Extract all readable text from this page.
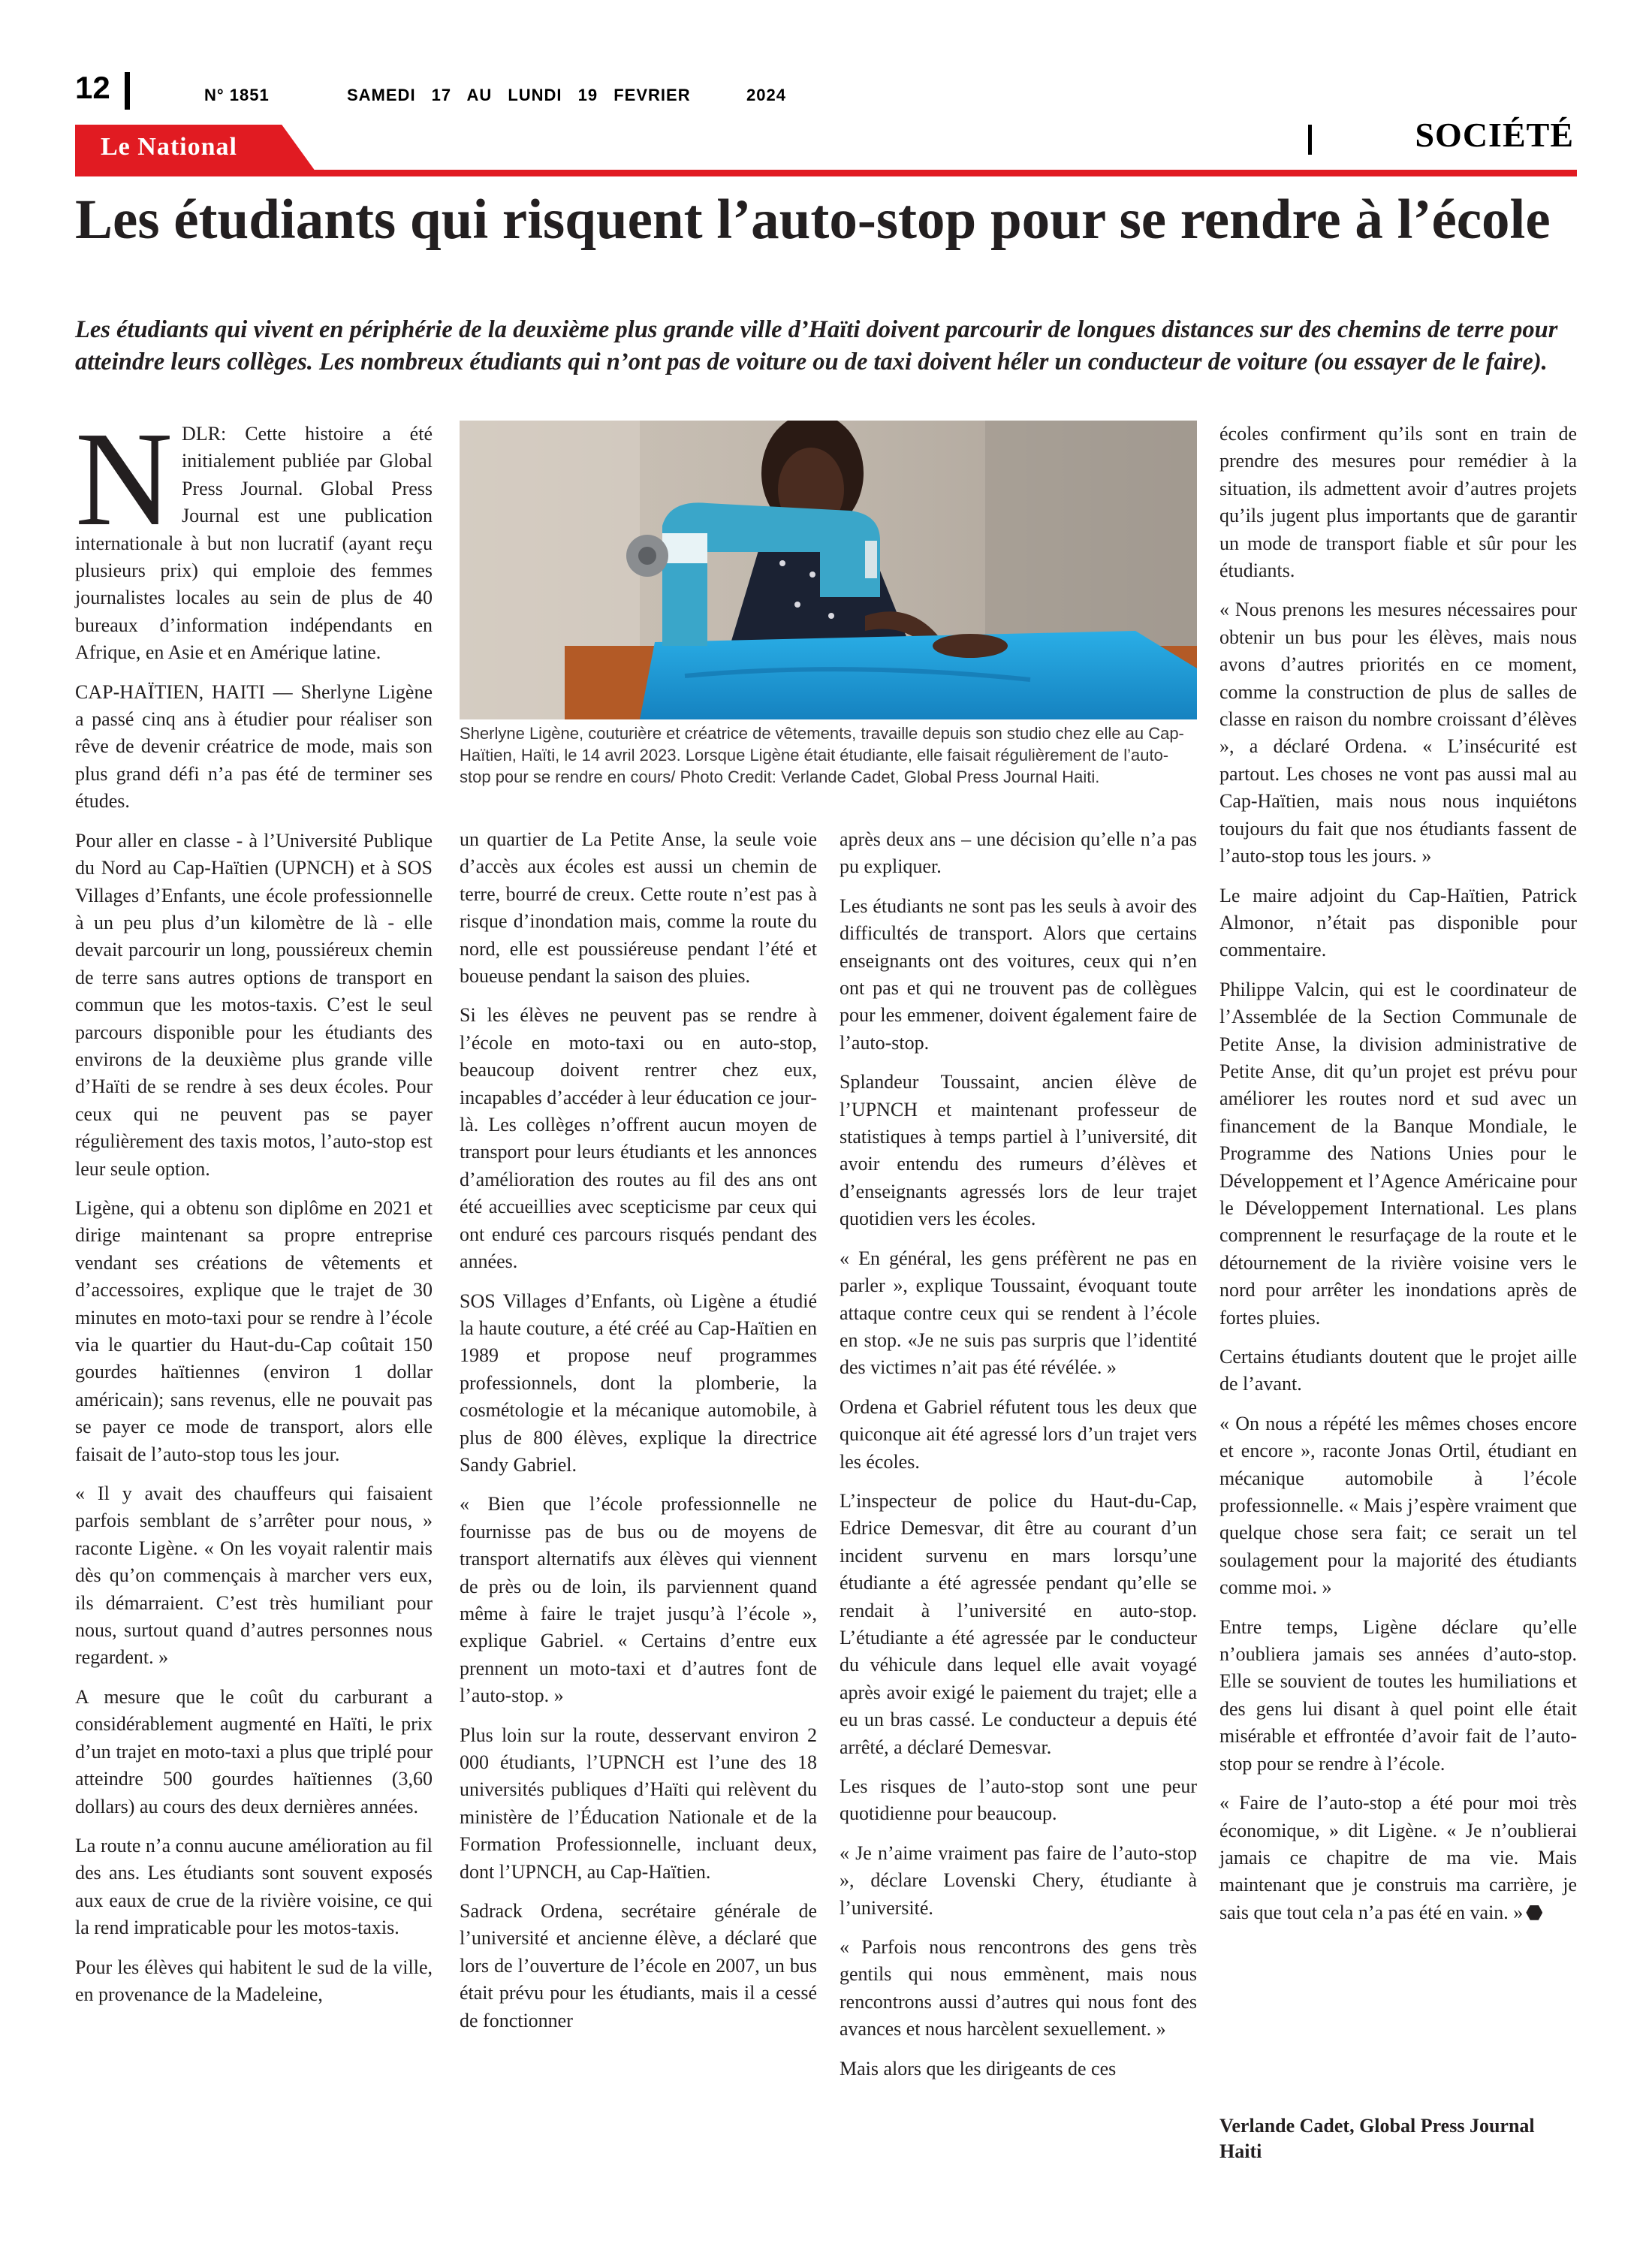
12	N° 1851	SAMEDI 17 AU LUNDI 19 FEVRIER	2024
Le National	SOCIÉTÉ
Les étudiants qui risquent l’auto-stop pour se rendre à l’école

Les étudiants qui vivent en périphérie de la deuxième plus grande ville d’Haïti doivent parcourir de longues distances sur des chemins de terre pour atteindre leurs collèges. Les nombreux étudiants qui n’ont pas de voiture ou de taxi doivent héler un conducteur de voiture (ou essayer de le faire).

NDLR: Cette histoire a été initialement publiée par Global Press Journal. Global Press Journal est une publication internationale à but non lucratif (ayant reçu plusieurs prix) qui emploie des femmes journalistes locales au sein de plus de 40 bureaux d’information indépendants en Afrique, en Asie et en Amérique latine.

CAP-HAÏTIEN, HAITI — Sherlyne Ligène a passé cinq ans à étudier pour réaliser son rêve de devenir créatrice de mode, mais son plus grand défi n’a pas été de terminer ses études.

Pour aller en classe - à l’Université Publique du Nord au Cap-Haïtien (UPNCH) et à SOS Villages d’Enfants, une école professionnelle à un peu plus d’un kilomètre de là - elle devait parcourir un long, poussiéreux chemin de terre sans autres options de transport en commun que les motos-taxis. C’est le seul parcours disponible pour les étudiants des environs de la deuxième plus grande ville d’Haïti de se rendre à ses deux écoles. Pour ceux qui ne peuvent pas se payer régulièrement des taxis motos, l’auto-stop est leur seule option.

Ligène, qui a obtenu son diplôme en 2021 et dirige maintenant sa propre entreprise vendant ses créations de vêtements et d’accessoires, explique que le trajet de 30 minutes en moto-taxi pour se rendre à l’école via le quartier du Haut-du-Cap coûtait 150 gourdes haïtiennes (environ 1 dollar américain); sans revenus, elle ne pouvait pas se payer ce mode de transport, alors elle faisait de l’auto-stop tous les jour.

« Il y avait des chauffeurs qui faisaient parfois semblant de s’arrêter pour nous, » raconte Ligène. « On les voyait ralentir mais dès qu’on commençais à marcher vers eux, ils démarraient. C’est très humiliant pour nous, surtout quand d’autres personnes nous regardent. »

A mesure que le coût du carburant a considérablement augmenté en Haïti, le prix d’un trajet en moto-taxi a plus que triplé pour atteindre 500 gourdes haïtiennes (3,60 dollars) au cours des deux dernières années.

La route n’a connu aucune amélioration au fil des ans. Les étudiants sont souvent exposés aux eaux de crue de la rivière voisine, ce qui la rend impraticable pour les motos-taxis.

Pour les élèves qui habitent le sud de la ville, en provenance de la Madeleine,

Sherlyne Ligène, couturière et créatrice de vêtements, travaille depuis son studio chez elle au Cap-Haïtien, Haïti, le 14 avril 2023. Lorsque Ligène était étudiante, elle faisait régulièrement de l’auto-stop pour se rendre en cours/ Photo Credit: Verlande Cadet, Global Press Journal Haiti.

un quartier de La Petite Anse, la seule voie d’accès aux écoles est aussi un chemin de terre, bourré de creux. Cette route n’est pas à risque d’inondation mais, comme la route du nord, elle est poussiéreuse pendant l’été et boueuse pendant la saison des pluies.

Si les élèves ne peuvent pas se rendre à l’école en moto-taxi ou en auto-stop, beaucoup doivent rentrer chez eux, incapables d’accéder à leur éducation ce jour-là. Les collèges n’offrent aucun moyen de transport pour leurs étudiants et les annonces d’amélioration des routes au fil des ans ont été accueillies avec scepticisme par ceux qui ont enduré ces parcours risqués pendant des années.

SOS Villages d’Enfants, où Ligène a étudié la haute couture, a été créé au Cap-Haïtien en 1989 et propose neuf programmes professionnels, dont la plomberie, la cosmétologie et la mécanique automobile, à plus de 800 élèves, explique la directrice Sandy Gabriel.

« Bien que l’école professionnelle ne fournisse pas de bus ou de moyens de transport alternatifs aux élèves qui viennent de près ou de loin, ils parviennent quand même à faire le trajet jusqu’à l’école », explique Gabriel. « Certains d’entre eux prennent un moto-taxi et d’autres font de l’auto-stop. »

Plus loin sur la route, desservant environ 2 000 étudiants, l’UPNCH est l’une des 18 universités publiques d’Haïti qui relèvent du ministère de l’Éducation Nationale et de la Formation Professionnelle, incluant deux, dont l’UPNCH, au Cap-Haïtien.

Sadrack Ordena, secrétaire générale de l’université et ancienne élève, a déclaré que lors de l’ouverture de l’école en 2007, un bus était prévu pour les étudiants, mais il a cessé de fonctionner

après deux ans – une décision qu’elle n’a pas pu expliquer.

Les étudiants ne sont pas les seuls à avoir des difficultés de transport. Alors que certains enseignants ont des voitures, ceux qui n’en ont pas et qui ne trouvent pas de collègues pour les emmener, doivent également faire de l’auto-stop.

Splandeur Toussaint, ancien élève de l’UPNCH et maintenant professeur de statistiques à temps partiel à l’université, dit avoir entendu des rumeurs d’élèves et d’enseignants agressés lors de leur trajet quotidien vers les écoles.

« En général, les gens préfèrent ne pas en parler », explique Toussaint, évoquant toute attaque contre ceux qui se rendent à l’école en stop. «Je ne suis pas surpris que l’identité des victimes n’ait pas été révélée. »

Ordena et Gabriel réfutent tous les deux que quiconque ait été agressé lors d’un trajet vers les écoles.

L’inspecteur de police du Haut-du-Cap, Edrice Demesvar, dit être au courant d’un incident survenu en mars lorsqu’une étudiante a été agressée pendant qu’elle se rendait à l’université en auto-stop. L’étudiante a été agressée par le conducteur du véhicule dans lequel elle avait voyagé après avoir exigé le paiement du trajet; elle a eu un bras cassé. Le conducteur a depuis été arrêté, a déclaré Demesvar.

Les risques de l’auto-stop sont une peur quotidienne pour beaucoup.

« Je n’aime vraiment pas faire de l’auto-stop », déclare Lovenski Chery, étudiante à l’université.

« Parfois nous rencontrons des gens très gentils qui nous emmènent, mais nous rencontrons aussi d’autres qui nous font des avances et nous harcèlent sexuellement. »

Mais alors que les dirigeants de ces

écoles confirment qu’ils sont en train de prendre des mesures pour remédier à la situation, ils admettent avoir d’autres projets qu’ils jugent plus importants que de garantir un mode de transport fiable et sûr pour les étudiants.

« Nous prenons les mesures nécessaires pour obtenir un bus pour les élèves, mais nous avons d’autres priorités en ce moment, comme la construction de plus de salles de classe en raison du nombre croissant d’élèves », a déclaré Ordena. « L’insécurité est partout. Les choses ne vont pas aussi mal au Cap-Haïtien, mais nous nous inquiétons toujours du fait que nos étudiants fassent de l’auto-stop tous les jours. »

Le maire adjoint du Cap-Haïtien, Patrick Almonor, n’était pas disponible pour commentaire.

Philippe Valcin, qui est le coordinateur de l’Assemblée de la Section Communale de Petite Anse, la division administrative de Petite Anse, dit qu’un projet est prévu pour améliorer les routes nord et sud avec un financement de la Banque Mondiale, le Programme des Nations Unies pour le Développement et l’Agence Américaine pour le Développement International. Les plans comprennent le resurfaçage de la route et le détournement de la rivière voisine vers le nord pour arrêter les inondations après de fortes pluies.

Certains étudiants doutent que le projet aille de l’avant.

« On nous a répété les mêmes choses encore et encore », raconte Jonas Ortil, étudiant en mécanique automobile à l’école professionnelle. « Mais j’espère vraiment que quelque chose sera fait; ce serait un tel soulagement pour la majorité des étudiants comme moi. »

Entre temps, Ligène déclare qu’elle n’oubliera jamais ses années d’auto-stop. Elle se souvient de toutes les humiliations et des gens lui disant à quel point elle était misérable et effrontée d’avoir fait de l’auto-stop pour se rendre à l’école.

« Faire de l’auto-stop a été pour moi très économique, » dit Ligène. « Je n’oublierai jamais ce chapitre de ma vie. Mais maintenant que je construis ma carrière, je sais que tout cela n’a pas été en vain. »

Verlande Cadet, Global Press Journal Haiti
